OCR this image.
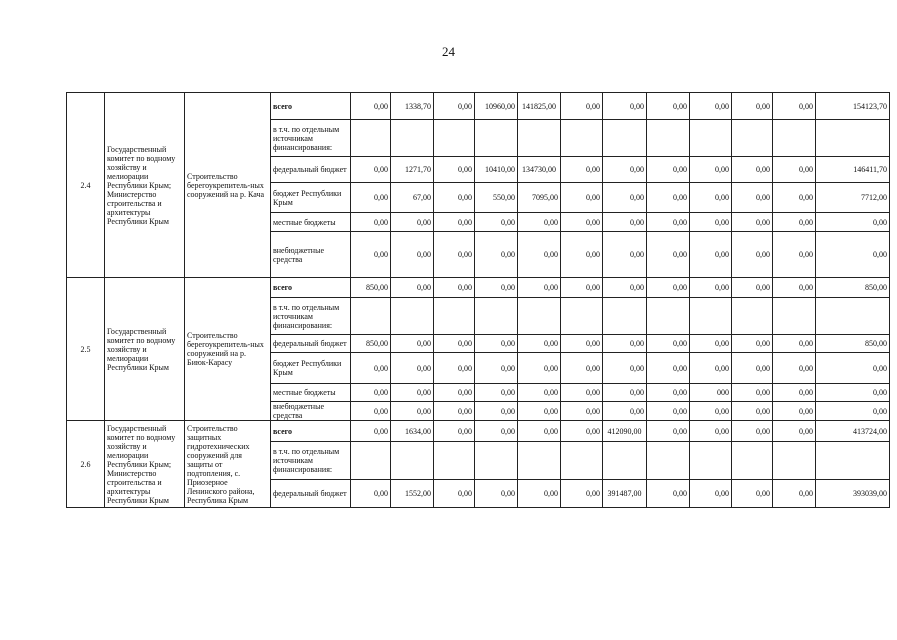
24
2.4	Государственный комитет по водному хозяйству и мелиорации Республики Крым; Министерство строительства и архитектуры Республики Крым	Строительство берегоукрепитель-ных сооружений на р. Кача	всего	0,00	1338,70	0,00	10960,00	141825,00	0,00	0,00	0,00	0,00	0,00	0,00	154123,70
			в т.ч. по отдельным источникам финансирования:												
			федеральный бюджет	0,00	1271,70	0,00	10410,00	134730,00	0,00	0,00	0,00	0,00	0,00	0,00	146411,70
			бюджет Республики Крым	0,00	67,00	0,00	550,00	7095,00	0,00	0,00	0,00	0,00	0,00	0,00	7712,00
			местные бюджеты	0,00	0,00	0,00	0,00	0,00	0,00	0,00	0,00	0,00	0,00	0,00	0,00
			внебюджетные средства	0,00	0,00	0,00	0,00	0,00	0,00	0,00	0,00	0,00	0,00	0,00	0,00
2.5	Государственный комитет по водному хозяйству и мелиорации Республики Крым	Строительство берегоукрепитель-ных сооружений на р. Биюк-Карасу	всего	850,00	0,00	0,00	0,00	0,00	0,00	0,00	0,00	0,00	0,00	0,00	850,00
			в т.ч. по отдельным источникам финансирования:												
			федеральный бюджет	850,00	0,00	0,00	0,00	0,00	0,00	0,00	0,00	0,00	0,00	0,00	850,00
			бюджет Республики Крым	0,00	0,00	0,00	0,00	0,00	0,00	0,00	0,00	0,00	0,00	0,00	0,00
			местные бюджеты	0,00	0,00	0,00	0,00	0,00	0,00	0,00	0,00	000	0,00	0,00	0,00
			внебюджетные средства	0,00	0,00	0,00	0,00	0,00	0,00	0,00	0,00	0,00	0,00	0,00	0,00
2.6	Государственный комитет по водному хозяйству и мелиорации Республики Крым; Министерство строительства и архитектуры Республики Крым	Строительство защитных гидротехнических сооружений для защиты от подтопления, с. Приозерное Ленинского района, Республика Крым	всего	0,00	1634,00	0,00	0,00	0,00	0,00	412090,00	0,00	0,00	0,00	0,00	413724,00
			в т.ч. по отдельным источникам финансирования:												
			федеральный бюджет	0,00	1552,00	0,00	0,00	0,00	0,00	391487,00	0,00	0,00	0,00	0,00	393039,00
